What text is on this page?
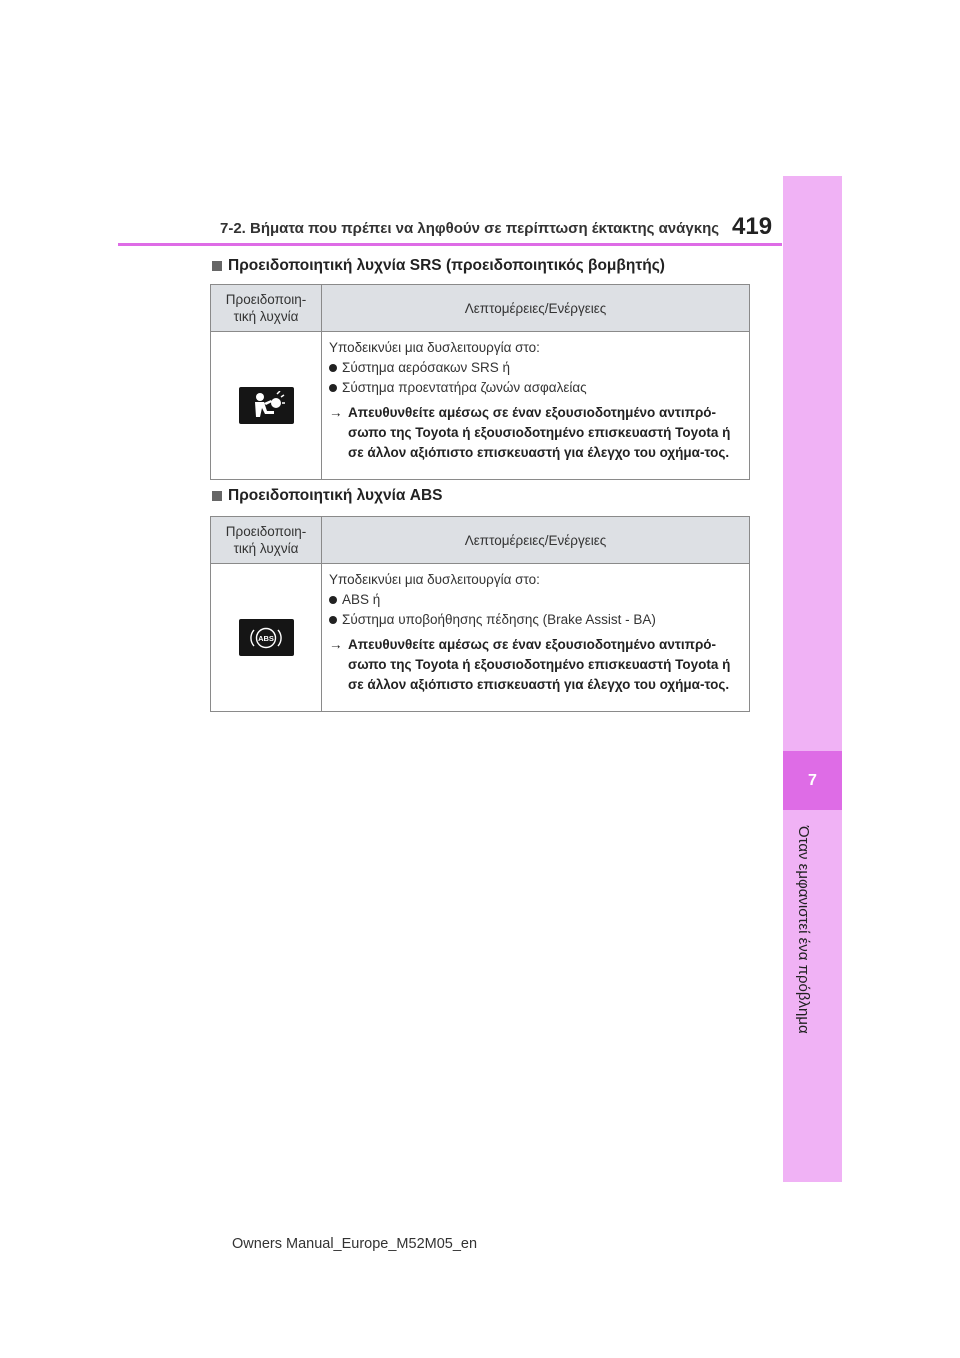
7
Όταν εμφανιστεί ένα πρόβλημα
7-2. Βήματα που πρέπει να ληφθούν σε περίπτωση έκτακτης ανάγκης 419
Προειδοποιητική λυχνία SRS (προειδοποιητικός βομβητής)
Προειδοποιη-τική λυχνία	Λεπτομέρειες/Ενέργειες

Υποδεικνύει μια δυσλειτουργία στο:
Σύστημα αερόσακων SRS ή
Σύστημα προεντατήρα ζωνών ασφαλείας
→ Απευθυνθείτε αμέσως σε έναν εξουσιοδοτημένο αντιπρό-σωπο της Toyota ή εξουσιοδοτημένο επισκευαστή Toyota ή σε άλλον αξιόπιστο επισκευαστή για έλεγχο του οχήμα-τος.
Προειδοποιητική λυχνία ABS
Προειδοποιη-τική λυχνία	Λεπτομέρειες/Ενέργειες

ABS	Υποδεικνύει μια δυσλειτουργία στο:
ABS ή
Σύστημα υποβοήθησης πέδησης (Brake Assist - BA)
→ Απευθυνθείτε αμέσως σε έναν εξουσιοδοτημένο αντιπρό-σωπο της Toyota ή εξουσιοδοτημένο επισκευαστή Toyota ή σε άλλον αξιόπιστο επισκευαστή για έλεγχο του οχήμα-τος.
Owners Manual_Europe_M52M05_en
